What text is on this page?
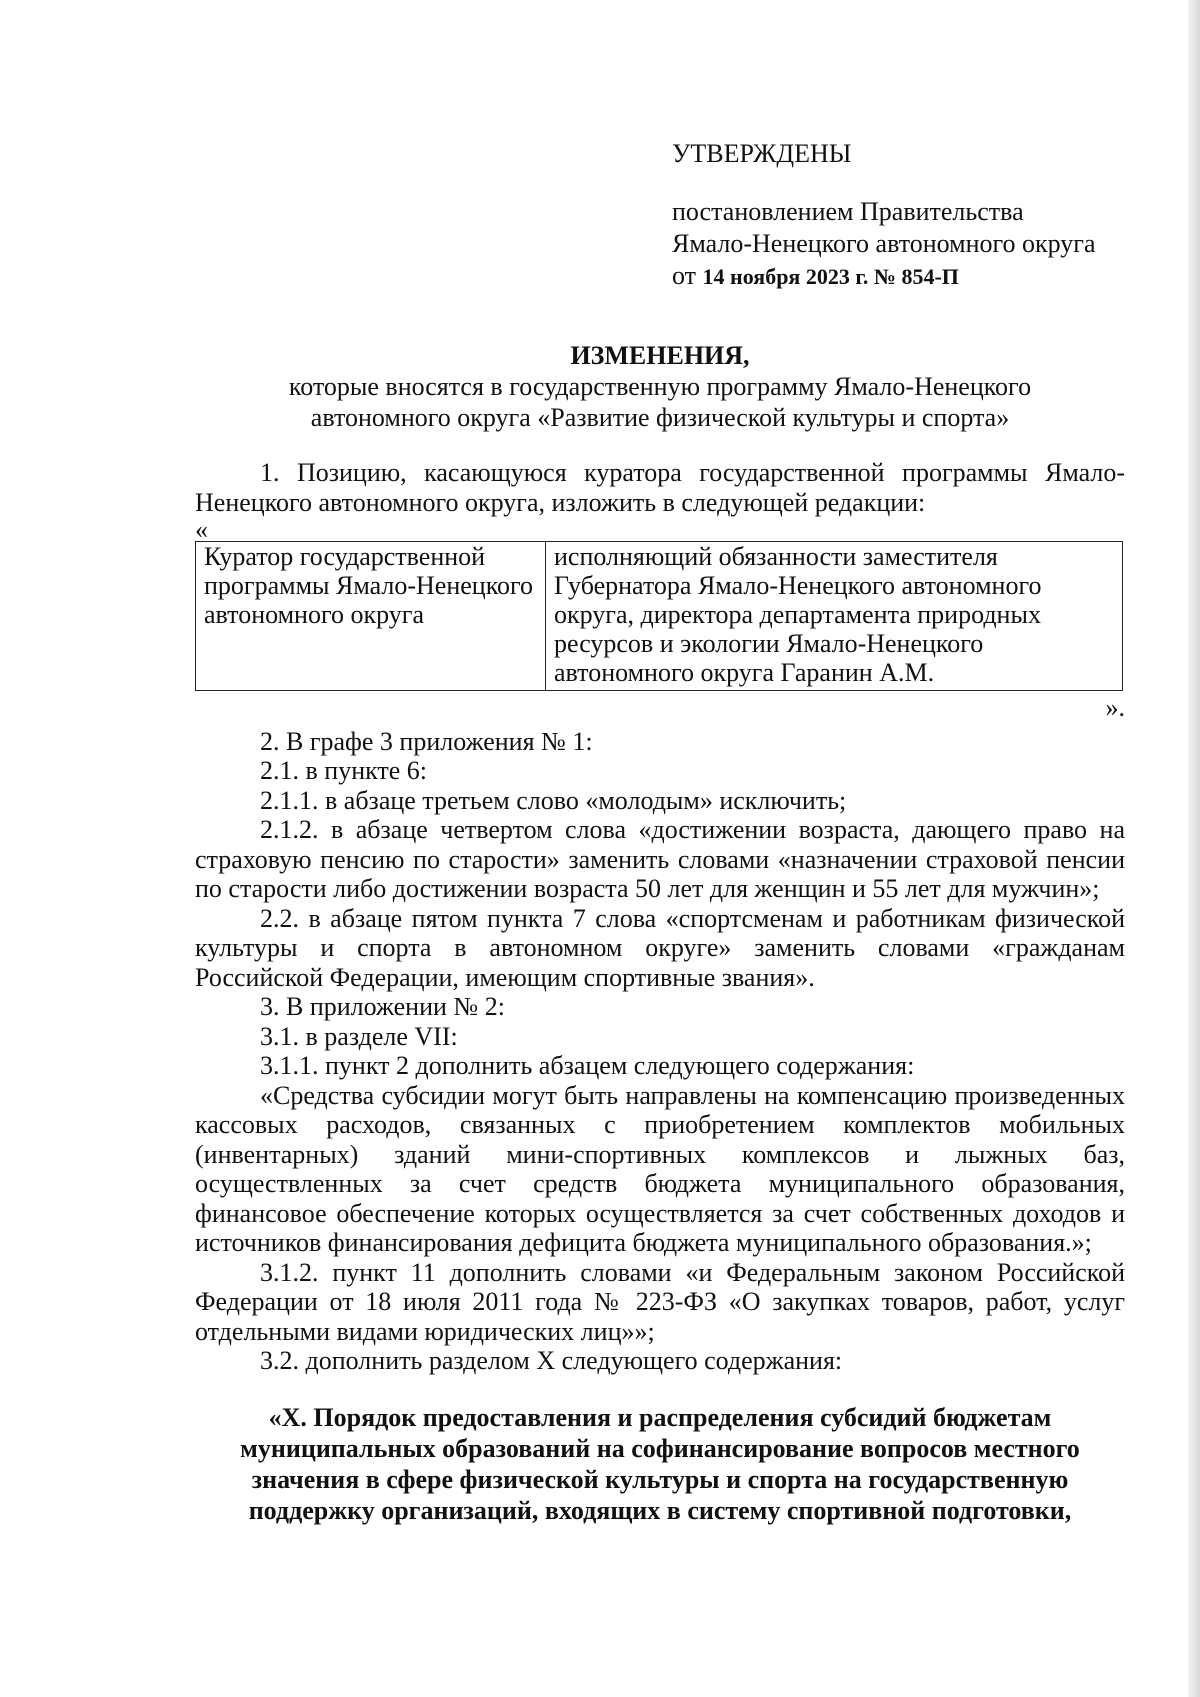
УТВЕРЖДЕНЫ
постановлением Правительства
Ямало-Ненецкого автономного округа
от 14 ноября 2023 г. № 854-П
ИЗМЕНЕНИЯ,
которые вносятся в государственную программу Ямало-Ненецкого
автономного округа «Развитие физической культуры и спорта»

1. Позицию, касающуюся куратора государственной программы Ямало-Ненецкого автономного округа, изложить в следующей редакции:

«
Куратор государственной программы Ямало-Ненецкого автономного округа	исполняющий обязанности заместителя Губернатора Ямало-Ненецкого автономного округа, директора департамента природных ресурсов и экологии Ямало-Ненецкого автономного округа Гаранин А.М.
».

2. В графе 3 приложения № 1:

2.1. в пункте 6:

2.1.1. в абзаце третьем слово «молодым» исключить;

2.1.2. в абзаце четвертом слова «достижении возраста, дающего право на страховую пенсию по старости» заменить словами «назначении страховой пенсии по старости либо достижении возраста 50 лет для женщин и 55 лет для мужчин»;

2.2. в абзаце пятом пункта 7 слова «спортсменам и работникам физической культуры и спорта в автономном округе» заменить словами «гражданам Российской Федерации, имеющим спортивные звания».

3. В приложении № 2:

3.1. в разделе VII:

3.1.1. пункт 2 дополнить абзацем следующего содержания:

«Средства субсидии могут быть направлены на компенсацию произведенных кассовых расходов, связанных с приобретением комплектов мобильных (инвентарных) зданий мини-спортивных комплексов и лыжных баз, осуществленных за счет средств бюджета муниципального образования, финансовое обеспечение которых осуществляется за счет собственных доходов и источников финансирования дефицита бюджета муниципального образования.»;

3.1.2. пункт 11 дополнить словами «и Федеральным законом Российской Федерации от 18 июля 2011 года № 223-ФЗ «О закупках товаров, работ, услуг отдельными видами юридических лиц»»;

3.2. дополнить разделом X следующего содержания:

«X. Порядок предоставления и распределения субсидий бюджетам муниципальных образований на софинансирование вопросов местного значения в сфере физической культуры и спорта на государственную поддержку организаций, входящих в систему спортивной подготовки,
